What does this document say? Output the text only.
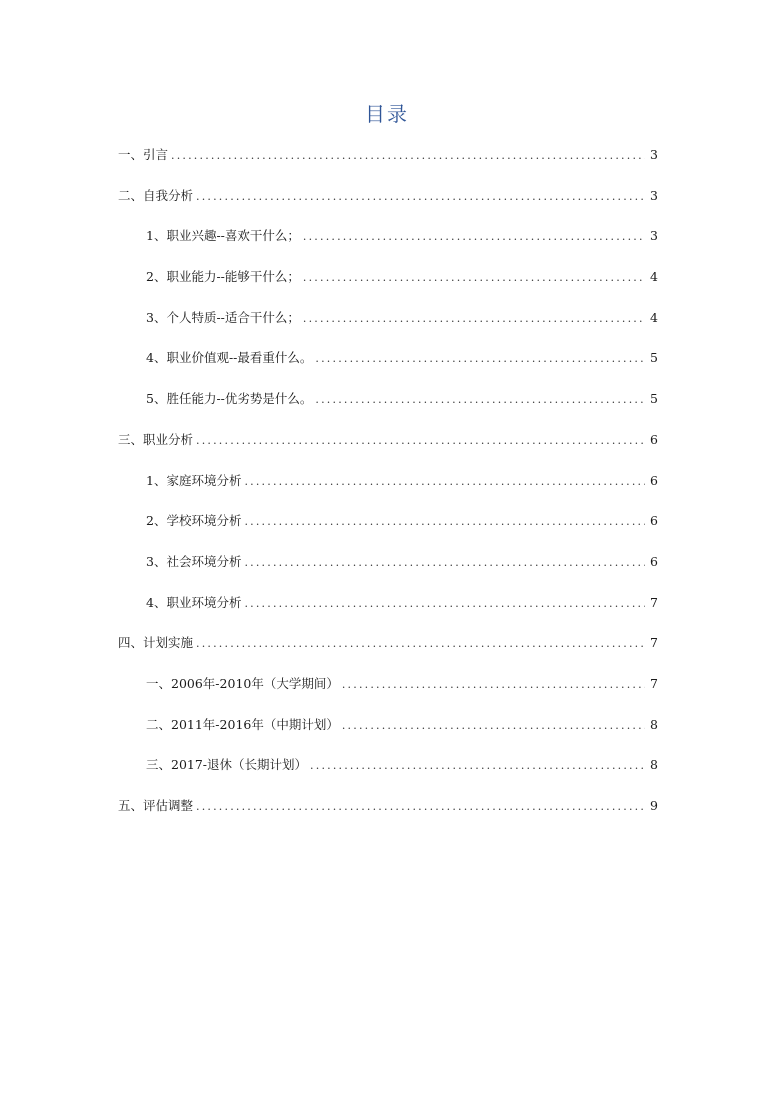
目录
一、引言 .....	3
二、自我分析 .....	3
1、职业兴趣--喜欢干什么； .....	3
2、职业能力--能够干什么； .....	4
3、个人特质--适合干什么； .....	4
4、职业价值观--最看重什么。 .....	5
5、胜任能力--优劣势是什么。 .....	5
三、职业分析 .....	6
1、家庭环境分析 .....	6
2、学校环境分析 .....	6
3、社会环境分析 .....	6
4、职业环境分析 .....	7
四、计划实施 .....	7
一、2006年-2010年（大学期间） .....	7
二、2011年-2016年（中期计划） .....	8
三、2017-退休（长期计划） .....	8
五、评估调整 .....	9
